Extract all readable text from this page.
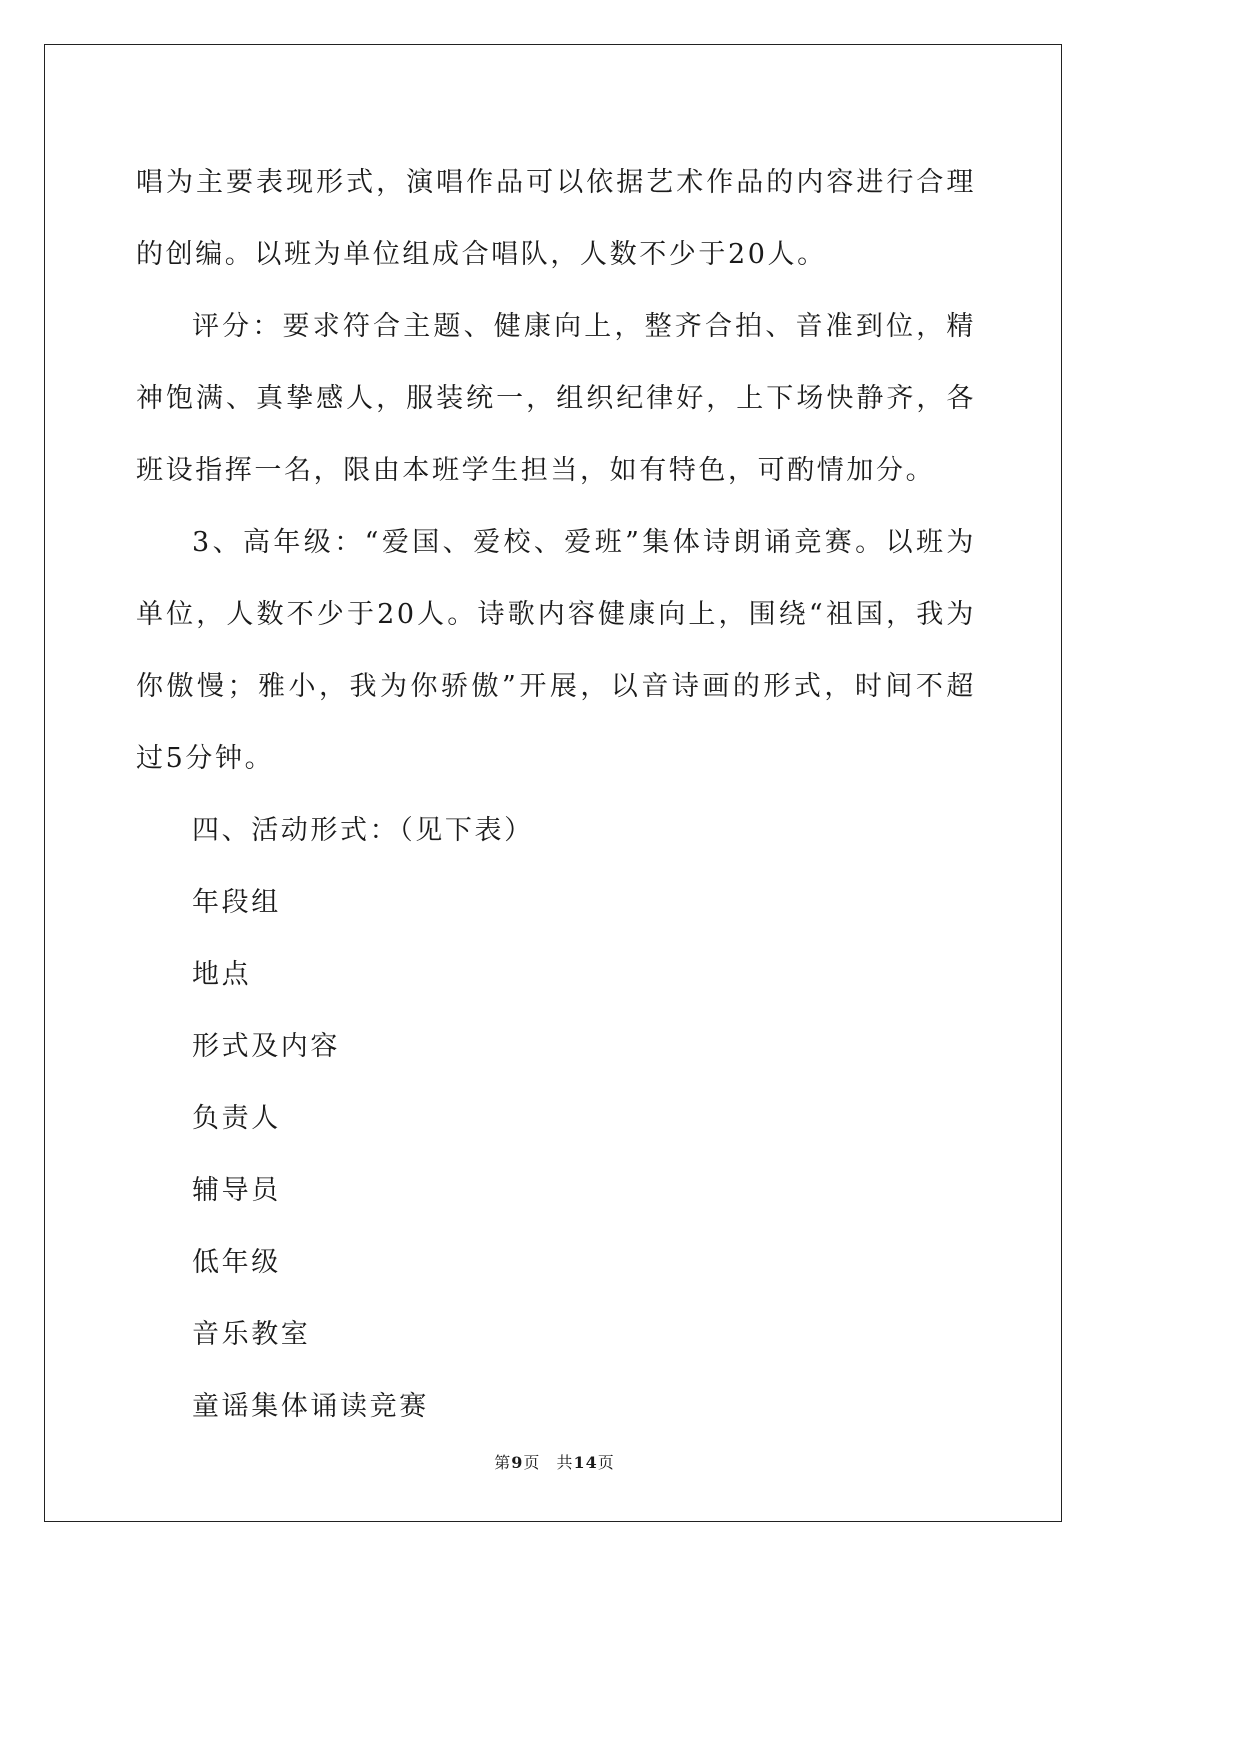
唱为主要表现形式，演唱作品可以依据艺术作品的内容进行合理的创编。以班为单位组成合唱队，人数不少于20人。

评分：要求符合主题、健康向上，整齐合拍、音准到位，精神饱满、真挚感人，服装统一，组织纪律好，上下场快静齐，各班设指挥一名，限由本班学生担当，如有特色，可酌情加分。

3、高年级：“爱国、爱校、爱班”集体诗朗诵竞赛。以班为单位，人数不少于20人。诗歌内容健康向上，围绕“祖国，我为你傲慢；雅小，我为你骄傲”开展，以音诗画的形式，时间不超过5分钟。

四、活动形式：（见下表）

年段组

地点

形式及内容

负责人

辅导员

低年级

音乐教室

童谣集体诵读竞赛

第9页 共14页
